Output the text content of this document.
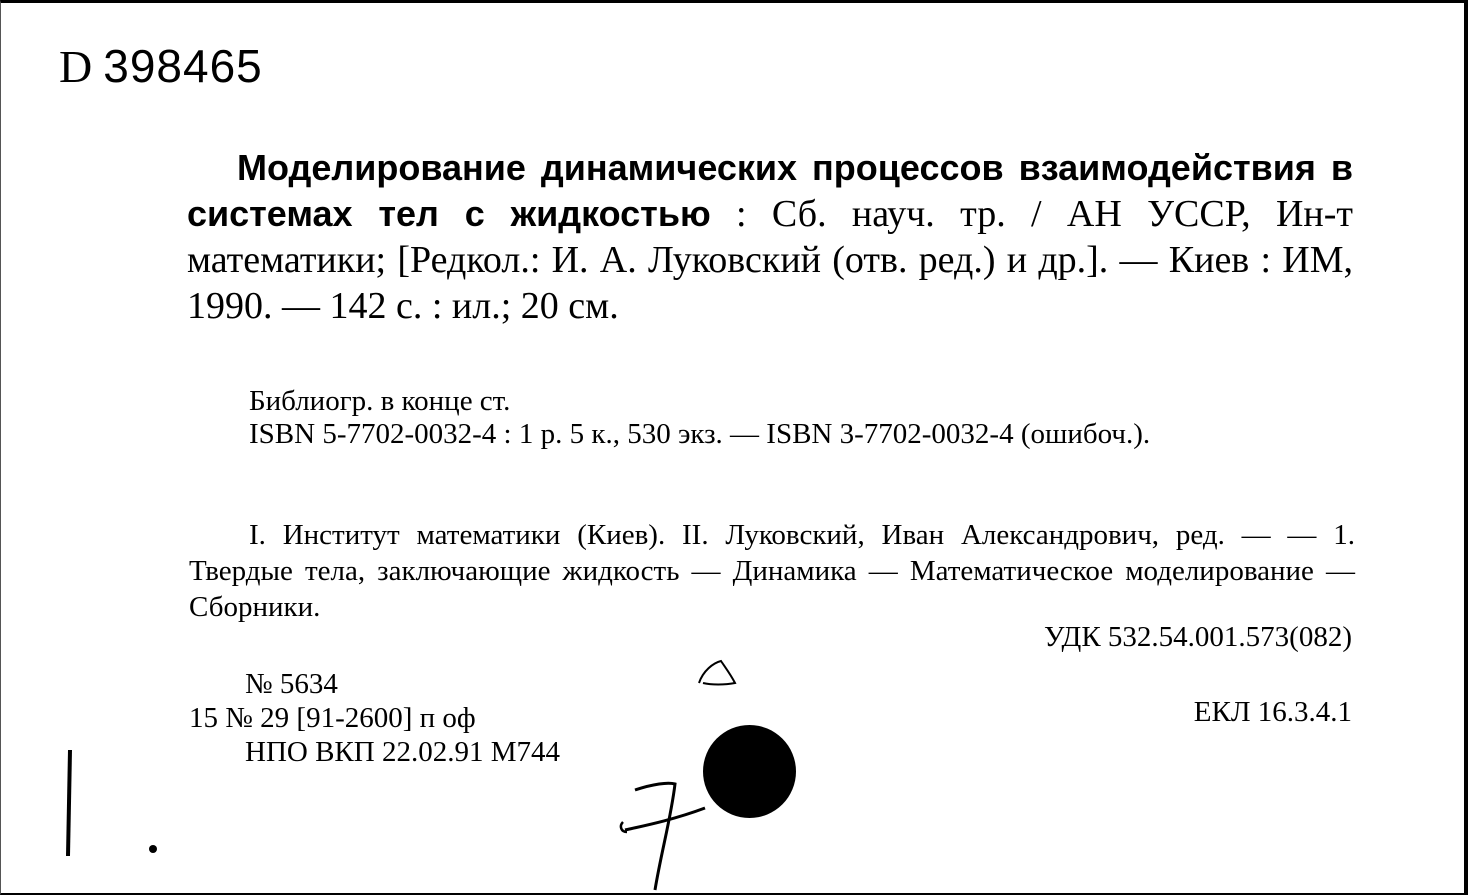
D 398465
Моделирование динамических процессов взаимодействия в системах тел с жидкостью : Сб. науч. тр. / АН УССР, Ин-т математики; [Редкол.: И. А. Луковский (отв. ред.) и др.]. — Киев : ИМ, 1990. — 142 с. : ил.; 20 см.
Библиогр. в конце ст.
ISBN 5-7702-0032-4 : 1 р. 5 к., 530 экз. — ISBN 3-7702-0032-4 (ошибоч.).
I. Институт математики (Киев). II. Луковский, Иван Александрович, ред. — — 1. Твердые тела, заключающие жидкость — Динамика — Математическое моделирование — Сборники.
УДК 532.54.001.573(082)
№ 5634
15 № 29 [91-2600] п оф
НПО ВКП 22.02.91 М744
ЕКЛ 16.3.4.1
